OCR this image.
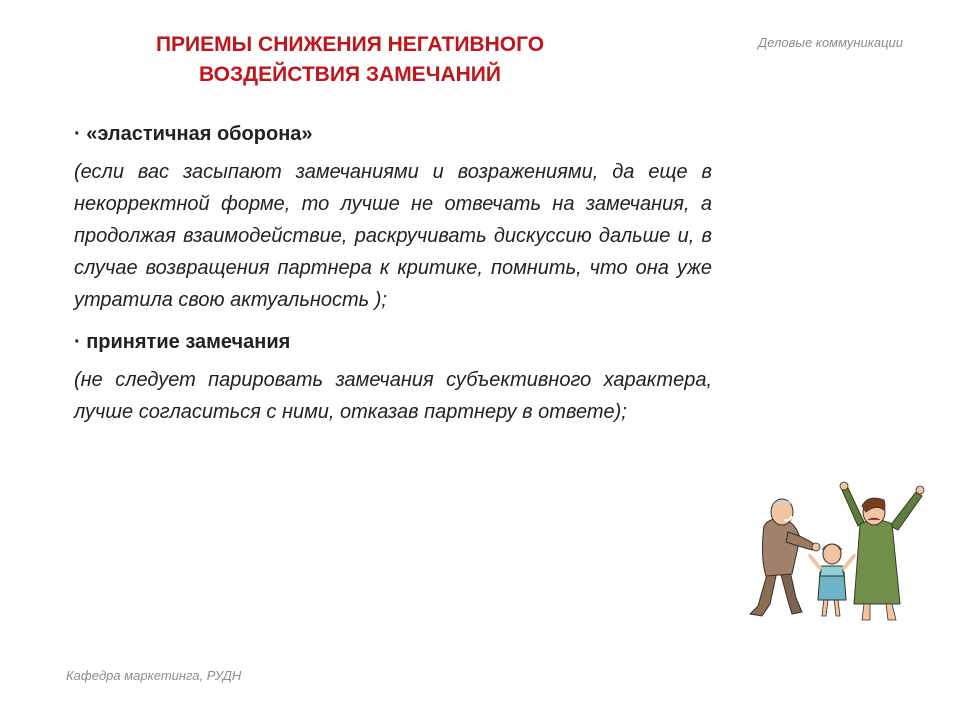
ПРИЕМЫ СНИЖЕНИЯ НЕГАТИВНОГО
ВОЗДЕЙСТВИЯ ЗАМЕЧАНИЙ
Деловые коммуникации

· «эластичная оборона»

(если вас засыпают замечаниями и возражениями, да еще в некорректной форме, то лучше не отвечать на замечания, а продолжая взаимодействие, раскручивать дискуссию дальше и, в случае возвращения партнера к критике, помнить, что она уже утратила свою актуальность );

· принятие замечания

(не следует парировать замечания субъективного характера, лучше согласиться с ними, отказав партнеру в ответе);

Кафедра маркетинга, РУДН
